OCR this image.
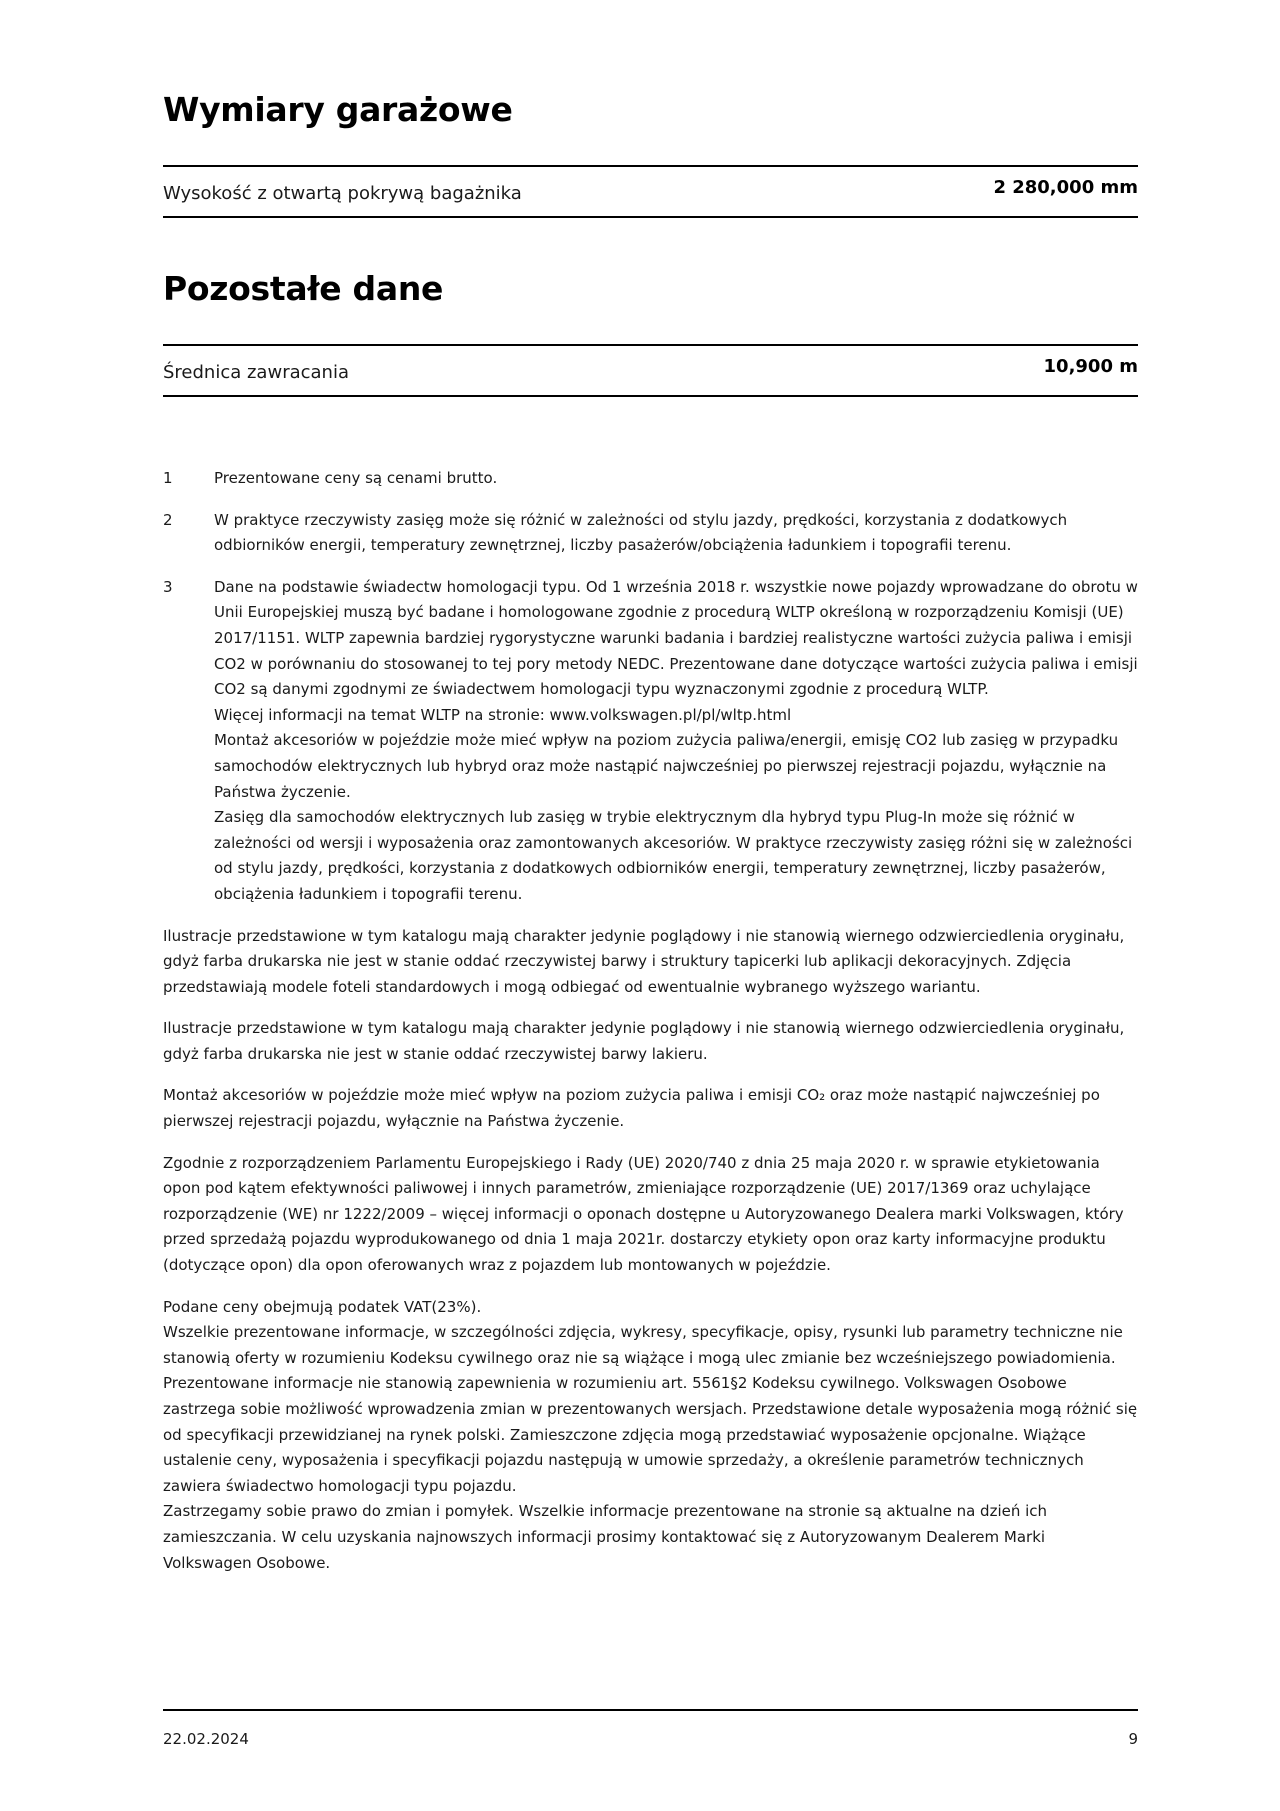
Wymiary garażowe
Wysokość z otwartą pokrywą bagażnika	2 280,000 mm
Pozostałe dane
Średnica zawracania	10,900 m
1	Prezentowane ceny są cenami brutto.

2	W praktyce rzeczywisty zasięg może się różnić w zależności od stylu jazdy, prędkości, korzystania z dodatkowych odbiorników energii, temperatury zewnętrznej, liczby pasażerów/obciążenia ładunkiem i topografii terenu.

3	Dane na podstawie świadectw homologacji typu. Od 1 września 2018 r. wszystkie nowe pojazdy wprowadzane do obrotu w Unii Europejskiej muszą być badane i homologowane zgodnie z procedurą WLTP określoną w rozporządzeniu Komisji (UE) 2017/1151. WLTP zapewnia bardziej rygorystyczne warunki badania i bardziej realistyczne wartości zużycia paliwa i emisji CO2 w porównaniu do stosowanej to tej pory metody NEDC. Prezentowane dane dotyczące wartości zużycia paliwa i emisji CO2 są danymi zgodnymi ze świadectwem homologacji typu wyznaczonymi zgodnie z procedurą WLTP.

Więcej informacji na temat WLTP na stronie: www.volkswagen.pl/pl/wltp.html

Montaż akcesoriów w pojeździe może mieć wpływ na poziom zużycia paliwa/energii, emisję CO2 lub zasięg w przypadku samochodów elektrycznych lub hybryd oraz może nastąpić najwcześniej po pierwszej rejestracji pojazdu, wyłącznie na Państwa życzenie.

Zasięg dla samochodów elektrycznych lub zasięg w trybie elektrycznym dla hybryd typu Plug-In może się różnić w zależności od wersji i wyposażenia oraz zamontowanych akcesoriów. W praktyce rzeczywisty zasięg różni się w zależności od stylu jazdy, prędkości, korzystania z dodatkowych odbiorników energii, temperatury zewnętrznej, liczby pasażerów, obciążenia ładunkiem i topografii terenu.

Ilustracje przedstawione w tym katalogu mają charakter jedynie poglądowy i nie stanowią wiernego odzwierciedlenia oryginału, gdyż farba drukarska nie jest w stanie oddać rzeczywistej barwy i struktury tapicerki lub aplikacji dekoracyjnych. Zdjęcia przedstawiają modele foteli standardowych i mogą odbiegać od ewentualnie wybranego wyższego wariantu.

Ilustracje przedstawione w tym katalogu mają charakter jedynie poglądowy i nie stanowią wiernego odzwierciedlenia oryginału, gdyż farba drukarska nie jest w stanie oddać rzeczywistej barwy lakieru.

Montaż akcesoriów w pojeździe może mieć wpływ na poziom zużycia paliwa i emisji CO₂ oraz może nastąpić najwcześniej po pierwszej rejestracji pojazdu, wyłącznie na Państwa życzenie.

Zgodnie z rozporządzeniem Parlamentu Europejskiego i Rady (UE) 2020/740 z dnia 25 maja 2020 r. w sprawie etykietowania opon pod kątem efektywności paliwowej i innych parametrów, zmieniające rozporządzenie (UE) 2017/1369 oraz uchylające rozporządzenie (WE) nr 1222/2009 – więcej informacji o oponach dostępne u Autoryzowanego Dealera marki Volkswagen, który przed sprzedażą pojazdu wyprodukowanego od dnia 1 maja 2021r. dostarczy etykiety opon oraz karty informacyjne produktu (dotyczące opon) dla opon oferowanych wraz z pojazdem lub montowanych w pojeździe.

Podane ceny obejmują podatek VAT(23%).

Wszelkie prezentowane informacje, w szczególności zdjęcia, wykresy, specyfikacje, opisy, rysunki lub parametry techniczne nie stanowią oferty w rozumieniu Kodeksu cywilnego oraz nie są wiążące i mogą ulec zmianie bez wcześniejszego powiadomienia. Prezentowane informacje nie stanowią zapewnienia w rozumieniu art. 5561§2 Kodeksu cywilnego. Volkswagen Osobowe zastrzega sobie możliwość wprowadzenia zmian w prezentowanych wersjach. Przedstawione detale wyposażenia mogą różnić się od specyfikacji przewidzianej na rynek polski. Zamieszczone zdjęcia mogą przedstawiać wyposażenie opcjonalne. Wiążące ustalenie ceny, wyposażenia i specyfikacji pojazdu następują w umowie sprzedaży, a określenie parametrów technicznych zawiera świadectwo homologacji typu pojazdu.

Zastrzegamy sobie prawo do zmian i pomyłek. Wszelkie informacje prezentowane na stronie są aktualne na dzień ich zamieszczania. W celu uzyskania najnowszych informacji prosimy kontaktować się z Autoryzowanym Dealerem Marki Volkswagen Osobowe.

22.02.2024	9
